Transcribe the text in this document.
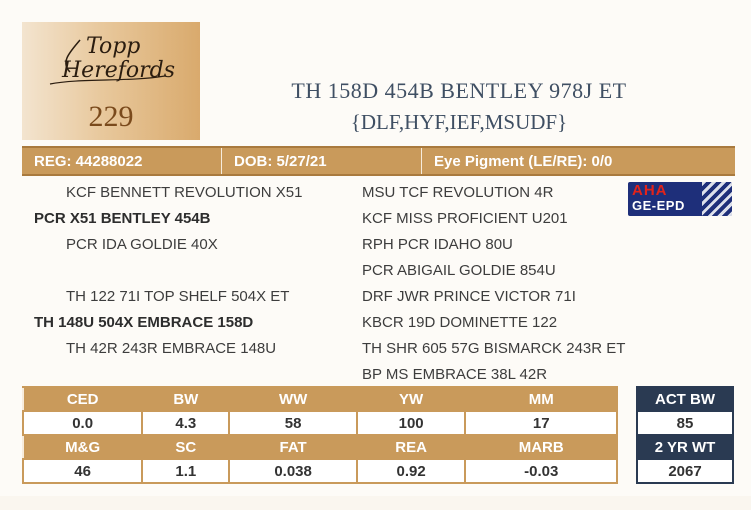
Topp
Herefords
229
TH 158D 454B BENTLEY 978J ET
{DLF,HYF,IEF,MSUDF}
REG: 44288022	DOB: 5/27/21	Eye Pigment (LE/RE): 0/0
KCF BENNETT REVOLUTION X51
PCR X51 BENTLEY 454B
PCR IDA GOLDIE 40X
TH 122 71I TOP SHELF 504X ET
TH 148U 504X EMBRACE 158D
TH 42R 243R EMBRACE 148U
MSU TCF REVOLUTION 4R
KCF MISS PROFICIENT U201
RPH PCR IDAHO 80U
PCR ABIGAIL GOLDIE 854U
DRF JWR PRINCE VICTOR 71I
KBCR 19D DOMINETTE 122
TH SHR 605 57G BISMARCK 243R ET
BP MS EMBRACE 38L 42R
AHA
GE-EPD
CED	BW	WW	YW	MM
0.0	4.3	58	100	17
M&G	SC	FAT	REA	MARB
46	1.1	0.038	0.92	-0.03
ACT BW
85
2 YR WT
2067
